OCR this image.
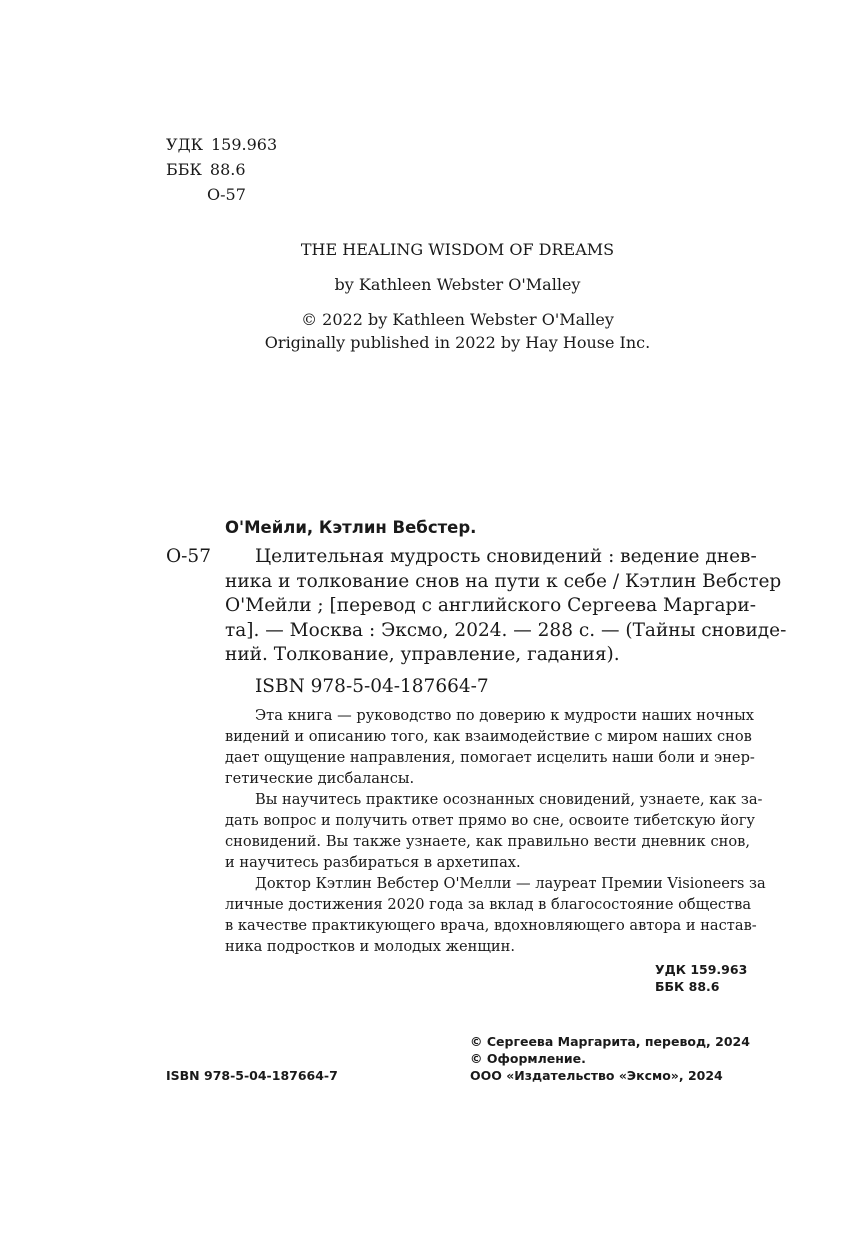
УДК 159.963
ББК 88.6
О-57
THE HEALING WISDOM OF DREAMS
by Kathleen Webster O'Malley
© 2022 by Kathleen Webster O'Malley
Originally published in 2022 by Hay House Inc.
О'Мейли, Кэтлин Вебстер.
О-57	Целительная мудрость сновидений : ведение днев-
ника и толкование снов на пути к себе / Кэтлин Вебстер
О'Мейли ; [перевод с английского Сергеева Маргари-
та]. — Москва : Эксмо, 2024. — 288 с. — (Тайны сновиде-
ний. Толкование, управление, гадания).
ISBN 978-5-04-187664-7
Эта книга — руководство по доверию к мудрости наших ночных
видений и описанию того, как взаимодействие с миром наших снов
дает ощущение направления, помогает исцелить наши боли и энер-
гетические дисбалансы.
Вы научитесь практике осознанных сновидений, узнаете, как за-
дать вопрос и получить ответ прямо во сне, освоите тибетскую йогу
сновидений. Вы также узнаете, как правильно вести дневник снов,
и научитесь разбираться в архетипах.
Доктор Кэтлин Вебстер О'Мелли — лауреат Премии Visioneers за
личные достижения 2020 года за вклад в благосостояние общества
в качестве практикующего врача, вдохновляющего автора и настав-
ника подростков и молодых женщин.
УДК 159.963
ББК 88.6
ISBN 978-5-04-187664-7
© Сергеева Маргарита, перевод, 2024
© Оформление.
ООО «Издательство «Эксмо», 2024
